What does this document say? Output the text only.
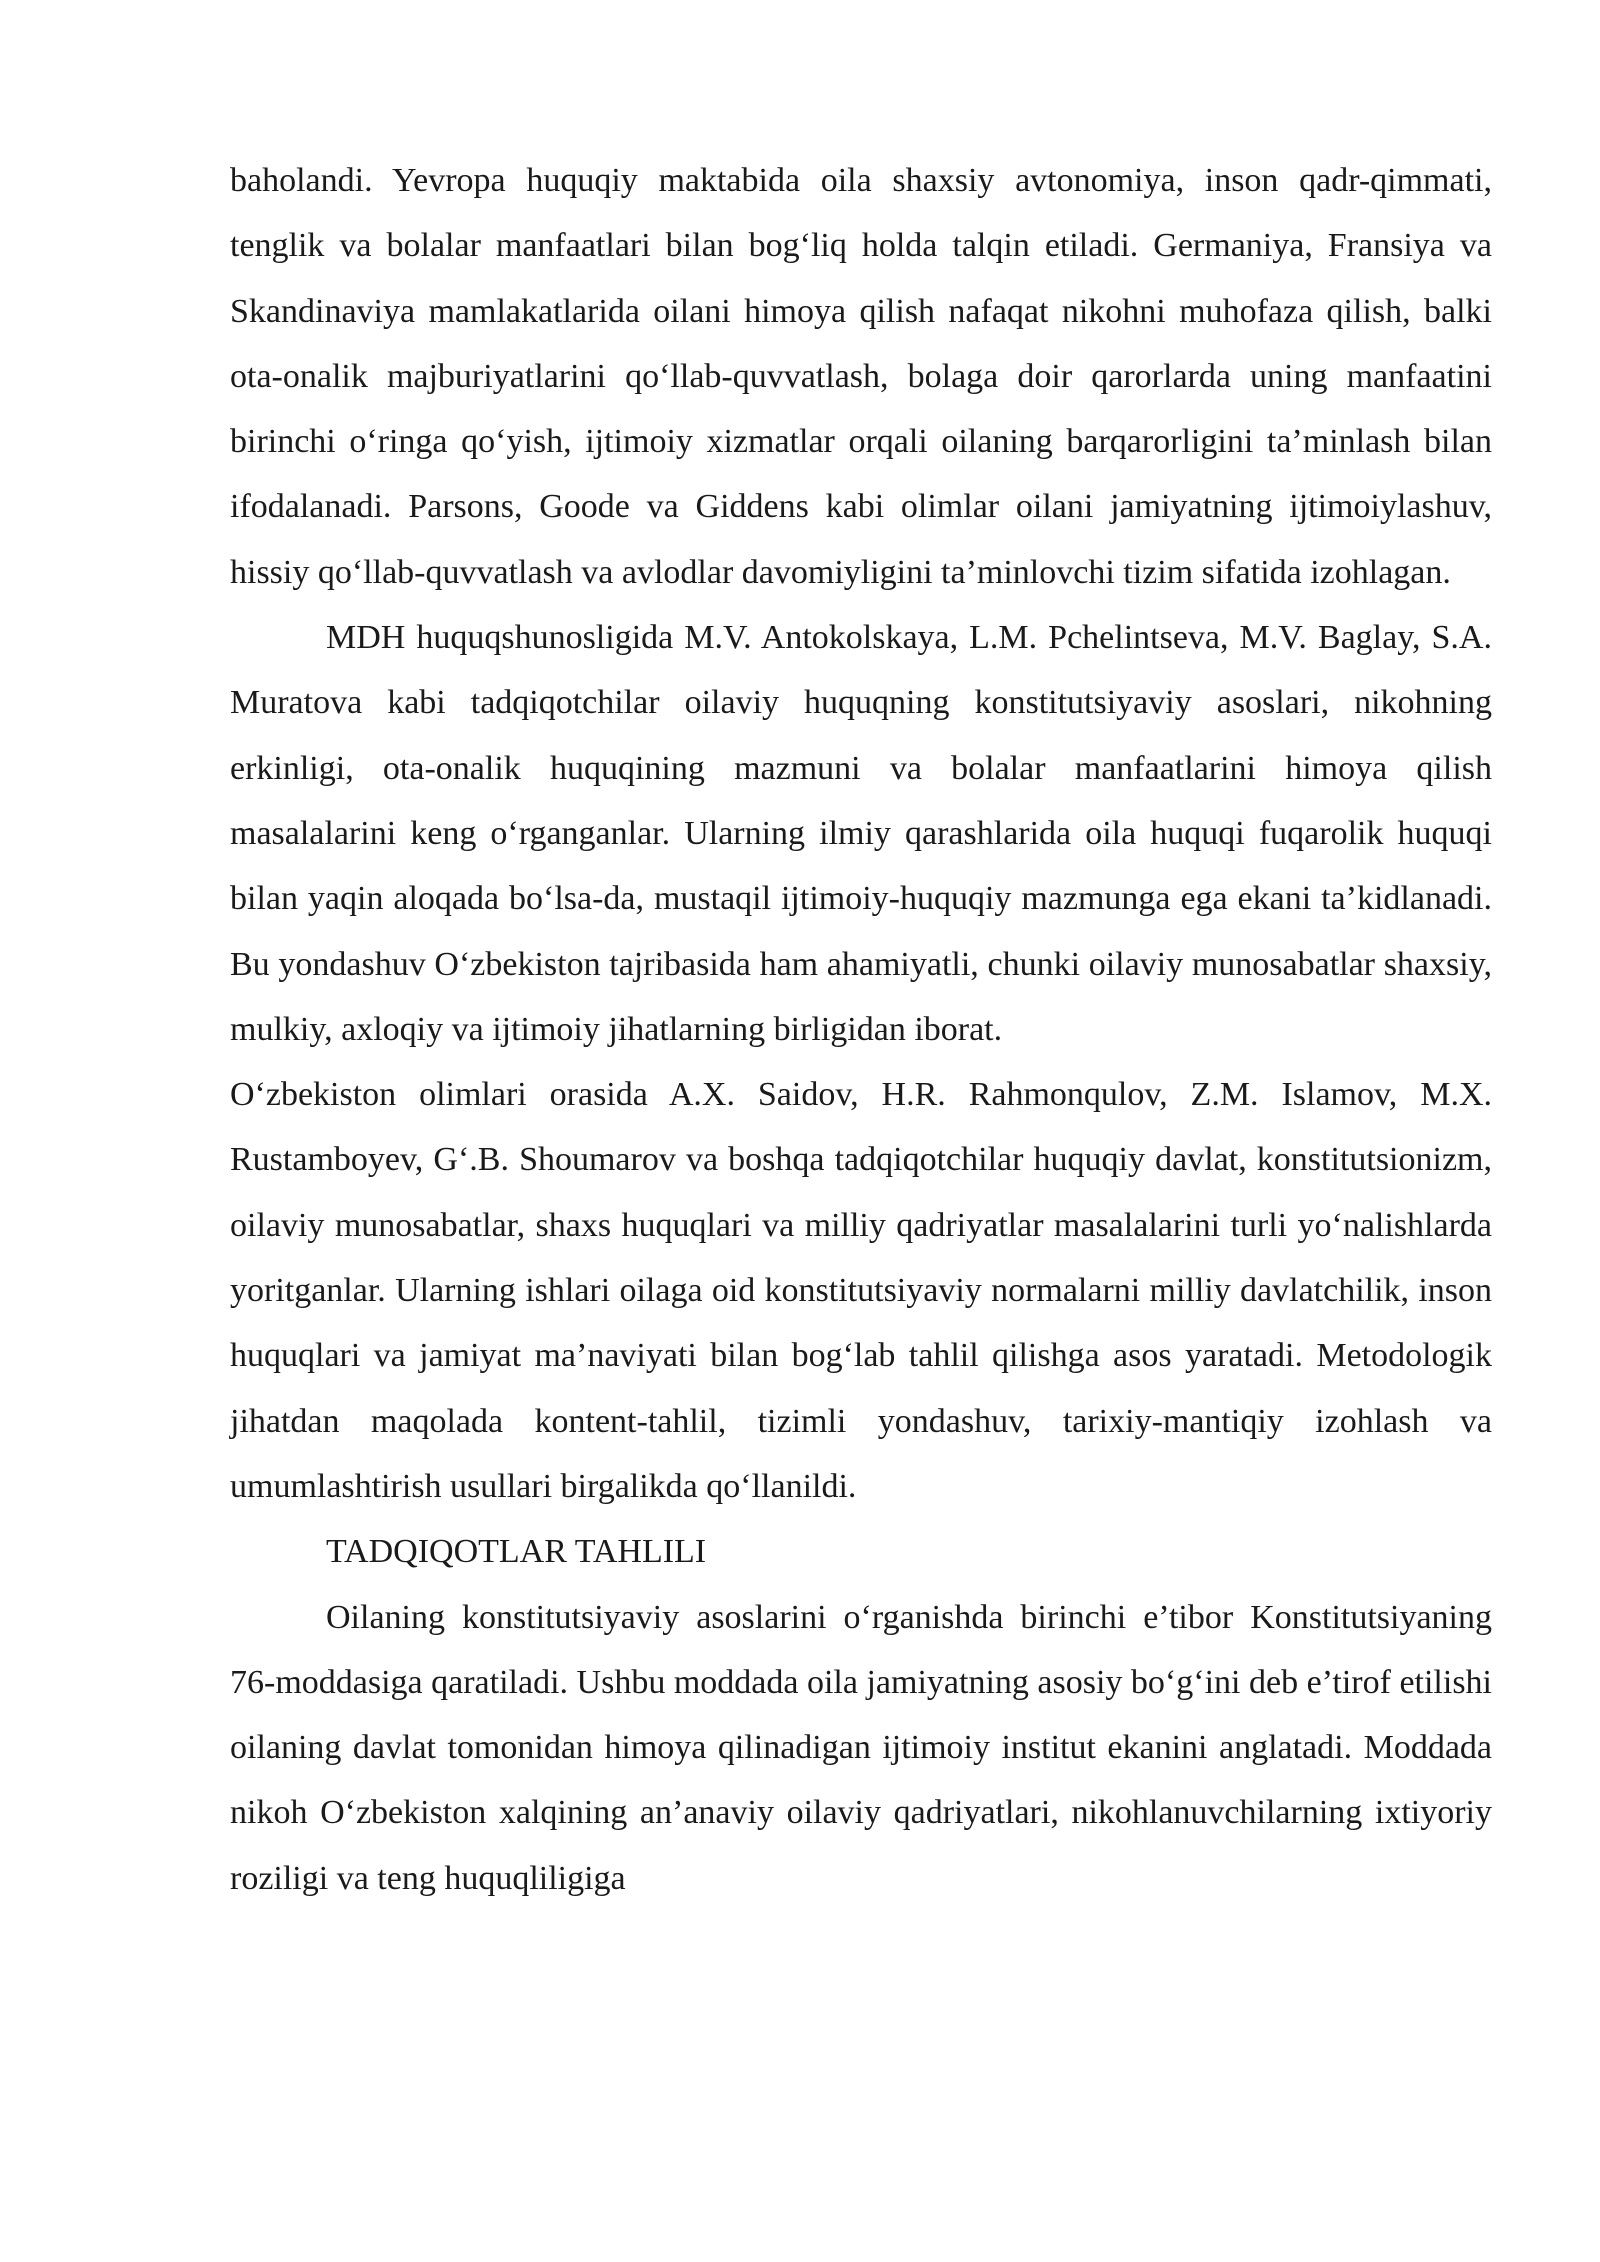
baholandi. Yevropa huquqiy maktabida oila shaxsiy avtonomiya, inson qadr-qimmati, tenglik va bolalar manfaatlari bilan bog‘liq holda talqin etiladi. Germaniya, Fransiya va Skandinaviya mamlakatlarida oilani himoya qilish nafaqat nikohni muhofaza qilish, balki ota-onalik majburiyatlarini qo‘llab-quvvatlash, bolaga doir qarorlarda uning manfaatini birinchi o‘ringa qo‘yish, ijtimoiy xizmatlar orqali oilaning barqarorligini ta’minlash bilan ifodalanadi. Parsons, Goode va Giddens kabi olimlar oilani jamiyatning ijtimoiylashuv, hissiy qo‘llab-quvvatlash va avlodlar davomiyligini ta’minlovchi tizim sifatida izohlagan.

MDH huquqshunosligida M.V. Antokolskaya, L.M. Pchelintseva, M.V. Baglay, S.A. Muratova kabi tadqiqotchilar oilaviy huquqning konstitutsiyaviy asoslari, nikohning erkinligi, ota-onalik huquqining mazmuni va bolalar manfaatlarini himoya qilish masalalarini keng o‘rganganlar. Ularning ilmiy qarashlarida oila huquqi fuqarolik huquqi bilan yaqin aloqada bo‘lsa-da, mustaqil ijtimoiy-huquqiy mazmunga ega ekani ta’kidlanadi. Bu yondashuv O‘zbekiston tajribasida ham ahamiyatli, chunki oilaviy munosabatlar shaxsiy, mulkiy, axloqiy va ijtimoiy jihatlarning birligidan iborat.

O‘zbekiston olimlari orasida A.X. Saidov, H.R. Rahmonqulov, Z.M. Islamov, M.X. Rustamboyev, G‘.B. Shoumarov va boshqa tadqiqotchilar huquqiy davlat, konstitutsionizm, oilaviy munosabatlar, shaxs huquqlari va milliy qadriyatlar masalalarini turli yo‘nalishlarda yoritganlar. Ularning ishlari oilaga oid konstitutsiyaviy normalarni milliy davlatchilik, inson huquqlari va jamiyat ma’naviyati bilan bog‘lab tahlil qilishga asos yaratadi. Metodologik jihatdan maqolada kontent-tahlil, tizimli yondashuv, tarixiy-mantiqiy izohlash va umumlashtirish usullari birgalikda qo‘llanildi.

TADQIQOTLAR TAHLILI

Oilaning konstitutsiyaviy asoslarini o‘rganishda birinchi e’tibor Konstitutsiyaning 76-moddasiga qaratiladi. Ushbu moddada oila jamiyatning asosiy bo‘g‘ini deb e’tirof etilishi oilaning davlat tomonidan himoya qilinadigan ijtimoiy institut ekanini anglatadi. Moddada nikoh O‘zbekiston xalqining an’anaviy oilaviy qadriyatlari, nikohlanuvchilarning ixtiyoriy roziligi va teng huquqliligiga
